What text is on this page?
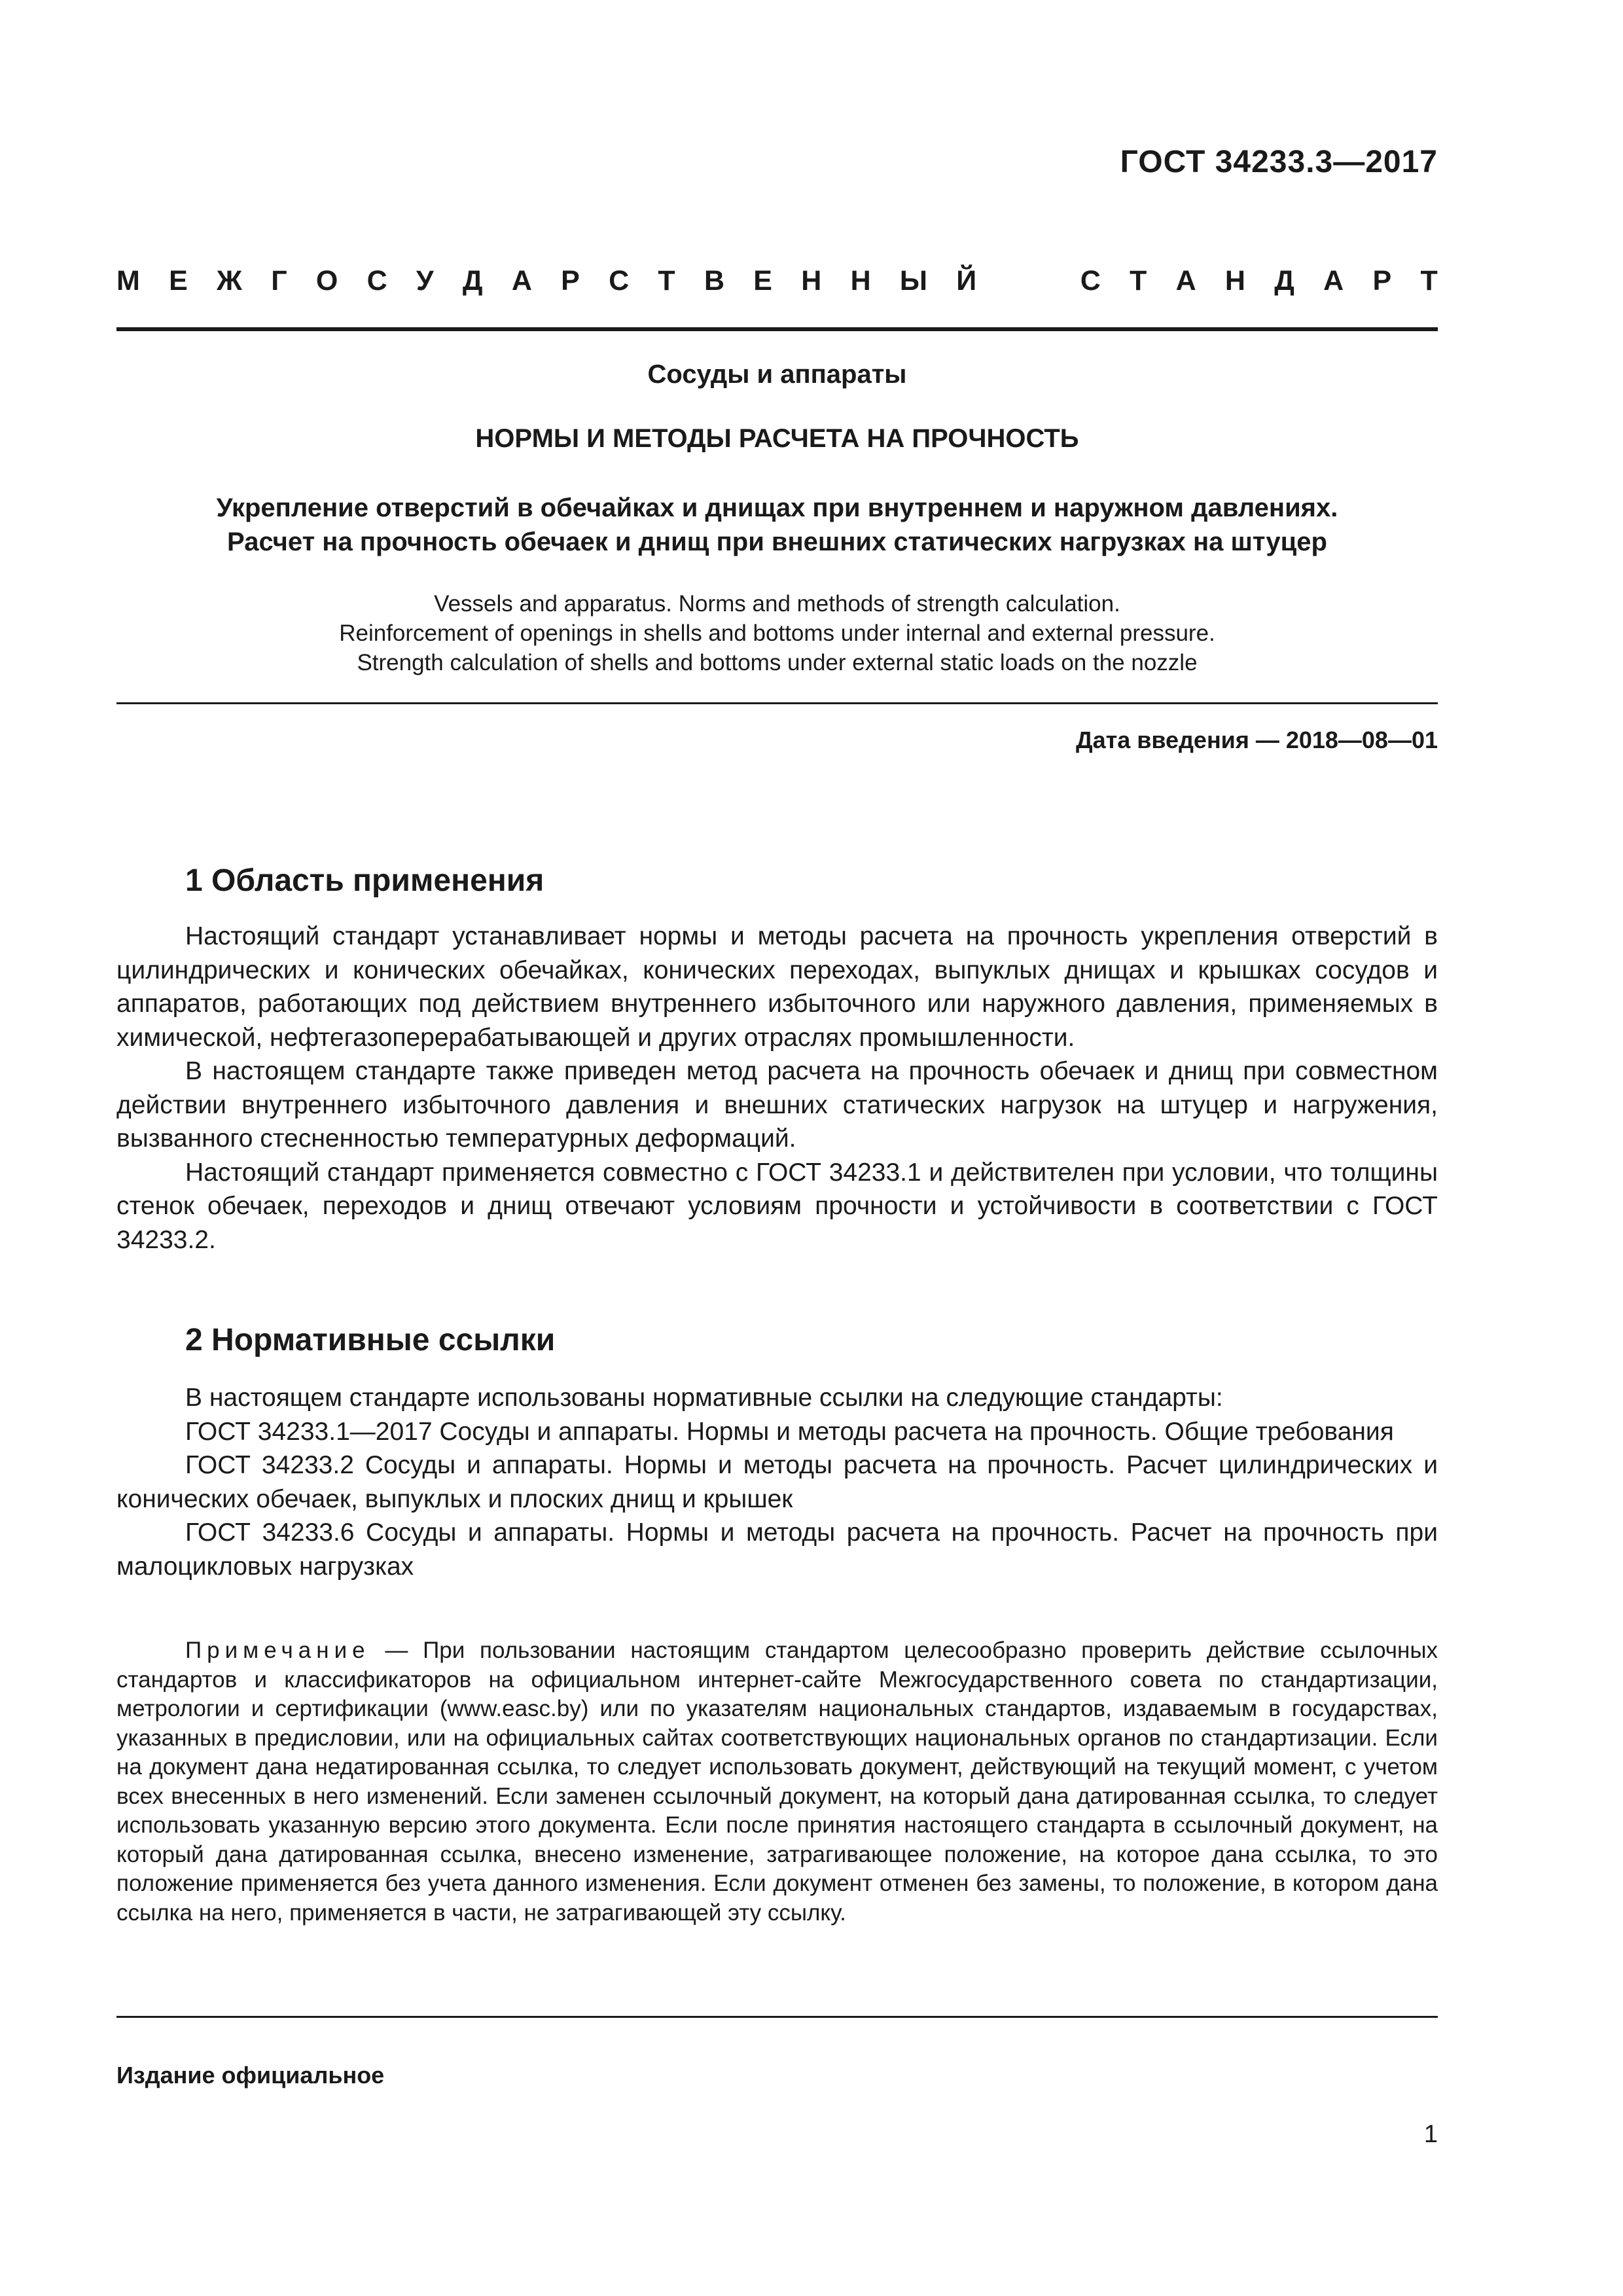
ГОСТ 34233.3—2017
М Е Ж Г О С У Д А Р С Т В Е Н Н Ы Й	С Т А Н Д А Р Т
Сосуды и аппараты
НОРМЫ И МЕТОДЫ РАСЧЕТА НА ПРОЧНОСТЬ
Укрепление отверстий в обечайках и днищах при внутреннем и наружном давлениях.
Расчет на прочность обечаек и днищ при внешних статических нагрузках на штуцер
Vessels and apparatus. Norms and methods of strength calculation.
Reinforcement of openings in shells and bottoms under internal and external pressure.
Strength calculation of shells and bottoms under external static loads on the nozzle
Дата введения — 2018—08—01
1 Область применения

Настоящий стандарт устанавливает нормы и методы расчета на прочность укрепления отверстий в цилиндрических и конических обечайках, конических переходах, выпуклых днищах и крышках сосудов и аппаратов, работающих под действием внутреннего избыточного или наружного давления, применяемых в химической, нефтегазоперерабатывающей и других отраслях промышленности.

В настоящем стандарте также приведен метод расчета на прочность обечаек и днищ при совместном действии внутреннего избыточного давления и внешних статических нагрузок на штуцер и нагружения, вызванного стесненностью температурных деформаций.

Настоящий стандарт применяется совместно с ГОСТ 34233.1 и действителен при условии, что толщины стенок обечаек, переходов и днищ отвечают условиям прочности и устойчивости в соответствии с ГОСТ 34233.2.

2 Нормативные ссылки

В настоящем стандарте использованы нормативные ссылки на следующие стандарты:

ГОСТ 34233.1—2017 Сосуды и аппараты. Нормы и методы расчета на прочность. Общие требования

ГОСТ 34233.2 Сосуды и аппараты. Нормы и методы расчета на прочность. Расчет цилиндрических и конических обечаек, выпуклых и плоских днищ и крышек

ГОСТ 34233.6 Сосуды и аппараты. Нормы и методы расчета на прочность. Расчет на прочность при малоцикловых нагрузках

Примечание — При пользовании настоящим стандартом целесообразно проверить действие ссылочных стандартов и классификаторов на официальном интернет-сайте Межгосударственного совета по стандартизации, метрологии и сертификации (www.easc.by) или по указателям национальных стандартов, издаваемым в государствах, указанных в предисловии, или на официальных сайтах соответствующих национальных органов по стандартизации. Если на документ дана недатированная ссылка, то следует использовать документ, действующий на текущий момент, с учетом всех внесенных в него изменений. Если заменен ссылочный документ, на который дана датированная ссылка, то следует использовать указанную версию этого документа. Если после принятия настоящего стандарта в ссылочный документ, на который дана датированная ссылка, внесено изменение, затрагивающее положение, на которое дана ссылка, то это положение применяется без учета данного изменения. Если документ отменен без замены, то положение, в котором дана ссылка на него, применяется в части, не затрагивающей эту ссылку.

Издание официальное
1
